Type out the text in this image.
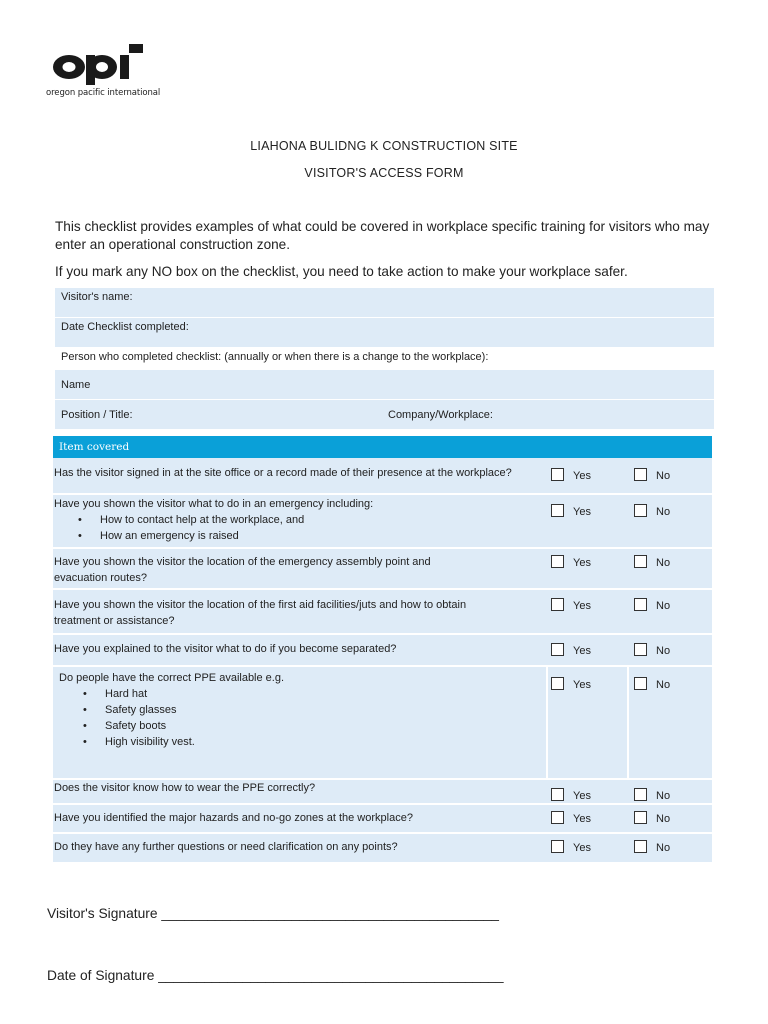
oregon pacific international
LIAHONA BULIDNG K CONSTRUCTION SITE
VISITOR'S ACCESS FORM
This checklist provides examples of what could be covered in workplace specific training for visitors who may enter an operational construction zone.
If you mark any NO box on the checklist, you need to take action to make your workplace safer.
Visitor's name:
Date Checklist completed:
Person who completed checklist: (annually or when there is a change to the workplace):
Name
Position / Title:	Company/Workplace:
Item covered
Has the visitor signed in at the site office or a record made of their presence at the workplace?	Yes	No
Have you shown the visitor what to do in an emergency including:
• How to contact help at the workplace, and
• How an emergency is raised
Yes	No
Have you shown the visitor the location of the emergency assembly point and evacuation routes?
Yes	No
Have you shown the visitor the location of the first aid facilities/juts and how to obtain treatment or assistance?
Yes	No
Have you explained to the visitor what to do if you become separated?	Yes	No
Do people have the correct PPE available e.g.
• Hard hat
• Safety glasses
• Safety boots
• High visibility vest.
Yes	No
Does the visitor know how to wear the PPE correctly?
Yes	No
Have you identified the major hazards and no-go zones at the workplace?	Yes	No
Do they have any further questions or need clarification on any points?	Yes	No
Visitor's Signature ____________________________________________
Date of Signature _____________________________________________
